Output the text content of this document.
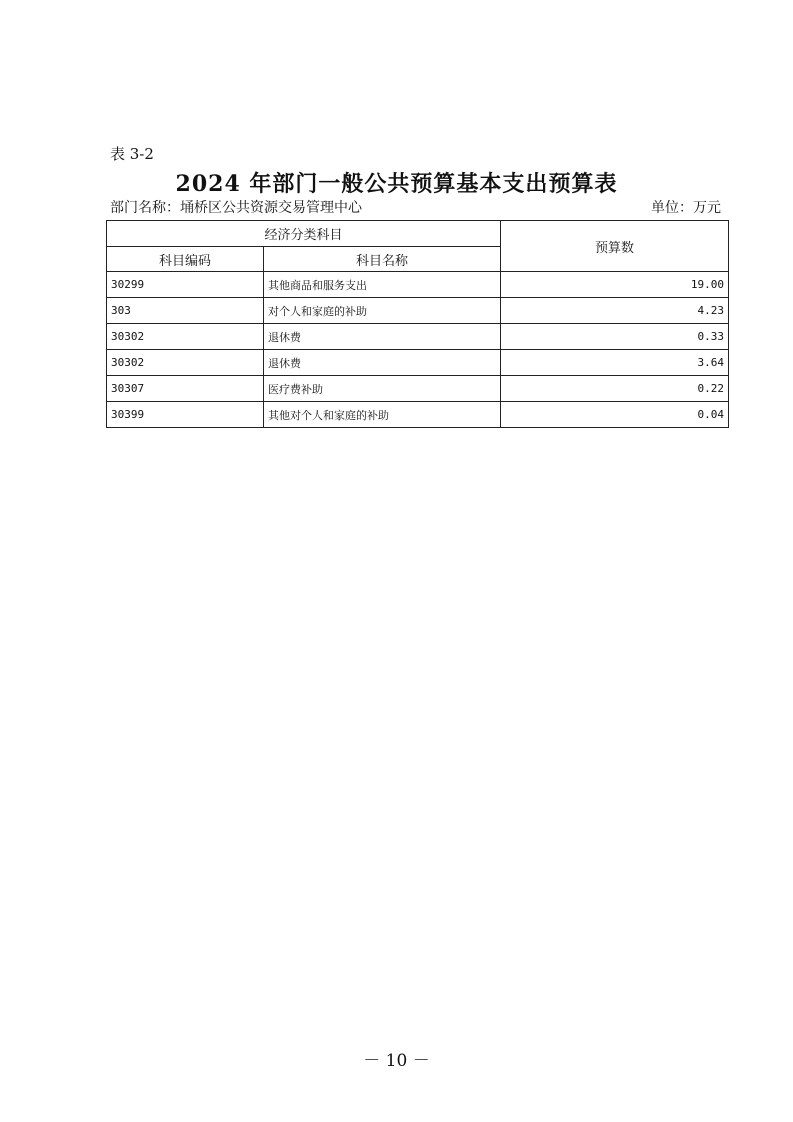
表 3-2
2024 年部门一般公共预算基本支出预算表
部门名称：埇桥区公共资源交易管理中心	单位：万元
经济分类科目		预算数
科目编码	科目名称	
30299	其他商品和服务支出	19.00
303	对个人和家庭的补助	4.23
30302	退休费	0.33
30302	退休费	3.64
30307	医疗费补助	0.22
30399	其他对个人和家庭的补助	0.04
－ 10 －
